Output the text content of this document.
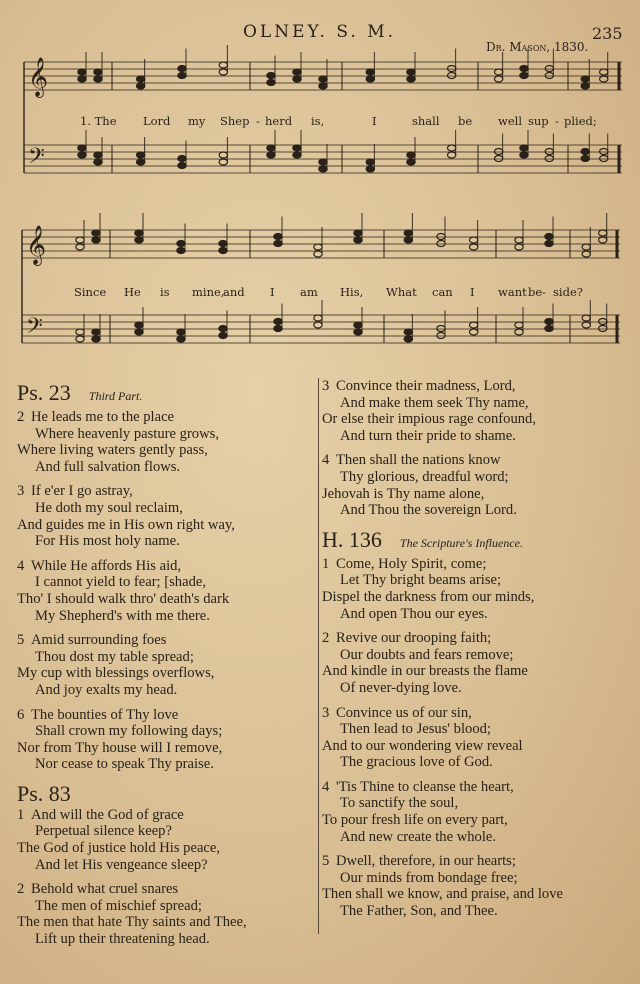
OLNEY. S. M.	235
Dr. Mason, 1830.
𝄞
𝄢
𝄞
𝄢
1. The Lord my Shep - herd is,	I	shall be well sup - plied;
Since He is mine,
and I am His, What can I want be - side?
Ps. 23 Third Part.
2 He leads me to the place
Where heavenly pasture grows,
Where living waters gently pass,
And full salvation flows.
3 If e'er I go astray,
He doth my soul reclaim,
And guides me in His own right way,
For His most holy name.
4 While He affords His aid,
I cannot yield to fear; [shade,
Tho' I should walk thro' death's dark
My Shepherd's with me there.
5 Amid surrounding foes
Thou dost my table spread;
My cup with blessings overflows,
And joy exalts my head.
6 The bounties of Thy love
Shall crown my following days;
Nor from Thy house will I remove,
Nor cease to speak Thy praise.
Ps. 83
1 And will the God of grace
Perpetual silence keep?
The God of justice hold His peace,
And let His vengeance sleep?
2 Behold what cruel snares
The men of mischief spread;
The men that hate Thy saints and Thee,
Lift up their threatening head.
3 Convince their madness, Lord,
And make them seek Thy name,
Or else their impious rage confound,
And turn their pride to shame.
4 Then shall the nations know
Thy glorious, dreadful word;
Jehovah is Thy name alone,
And Thou the sovereign Lord.
H. 136 The Scripture's Influence.
1 Come, Holy Spirit, come;
Let Thy bright beams arise;
Dispel the darkness from our minds,
And open Thou our eyes.
2 Revive our drooping faith;
Our doubts and fears remove;
And kindle in our breasts the flame
Of never-dying love.
3 Convince us of our sin,
Then lead to Jesus' blood;
And to our wondering view reveal
The gracious love of God.
4 'Tis Thine to cleanse the heart,
To sanctify the soul,
To pour fresh life on every part,
And new create the whole.
5 Dwell, therefore, in our hearts;
Our minds from bondage free;
Then shall we know, and praise, and love
The Father, Son, and Thee.
